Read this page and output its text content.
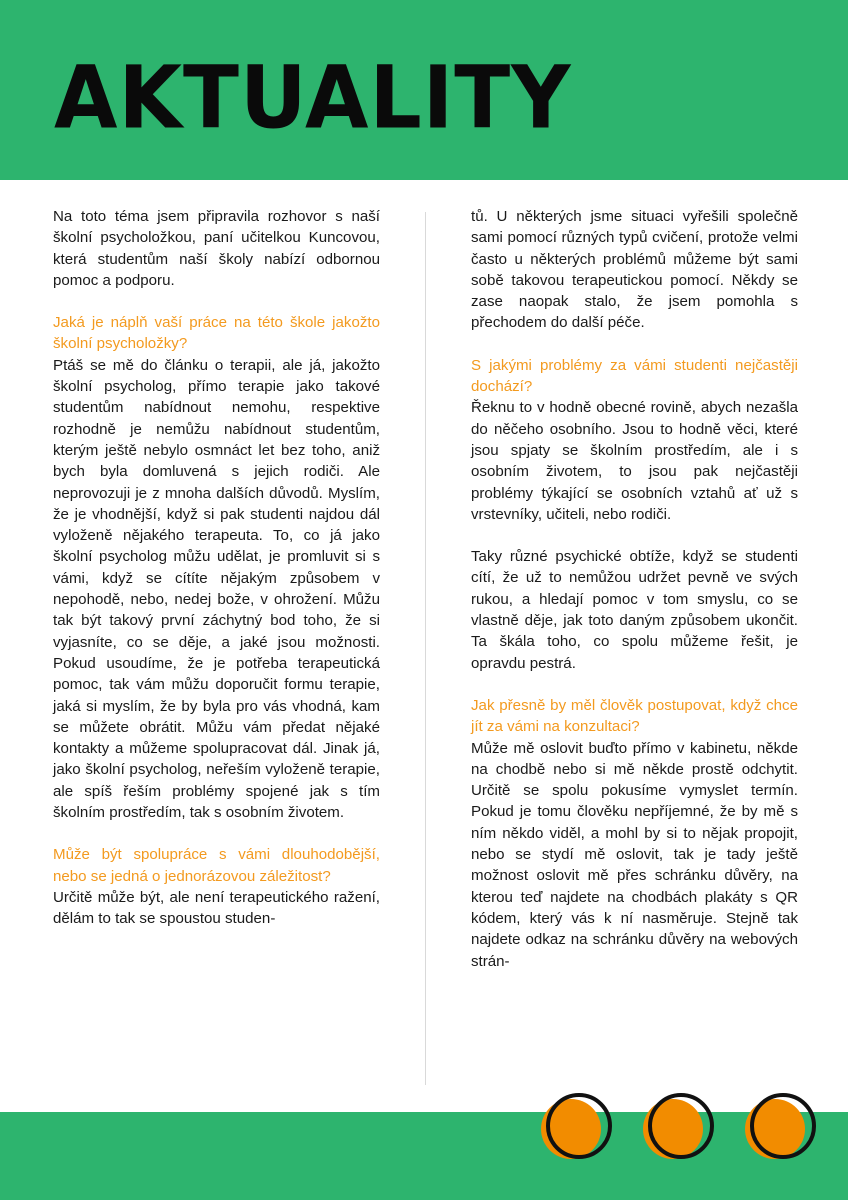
AKTUALITY

Na toto téma jsem připravila rozhovor s naší školní psycholožkou, paní učitelkou Kuncovou, která studentům naší školy nabízí odbornou pomoc a podporu.

Jaká je náplň vaší práce na této škole jakožto školní psycholožky?

Ptáš se mě do článku o terapii, ale já, jakožto školní psycholog, přímo terapie jako takové studentům nabídnout nemohu, respektive rozhodně je nemůžu nabídnout studentům, kterým ještě nebylo osmnáct let bez toho, aniž bych byla domluvená s jejich rodiči. Ale neprovozuji je z mnoha dalších důvodů. Myslím, že je vhodnější, když si pak studenti najdou dál vyloženě nějakého terapeuta. To, co já jako školní psycholog můžu udělat, je promluvit si s vámi, když se cítíte nějakým způsobem v nepohodě, nebo, nedej bože, v ohrožení. Můžu tak být takový první záchytný bod toho, že si vyjasníte, co se děje, a jaké jsou možnosti. Pokud usoudíme, že je potřeba terapeutická pomoc, tak vám můžu doporučit formu terapie, jaká si myslím, že by byla pro vás vhodná, kam se můžete obrátit. Můžu vám předat nějaké kontakty a můžeme spolupracovat dál. Jinak já, jako školní psycholog, neřeším vyloženě terapie, ale spíš řeším problémy spojené jak s tím školním prostředím, tak s osobním životem.

Může být spolupráce s vámi dlouhodobější, nebo se jedná o jednorázovou záležitost?

Určitě může být, ale není terapeutického ražení, dělám to tak se spoustou studen-

tů. U některých jsme situaci vyřešili společně sami pomocí různých typů cvičení, protože velmi často u některých problémů můžeme být sami sobě takovou terapeutickou pomocí. Někdy se zase naopak stalo, že jsem pomohla s přechodem do další péče.

S jakými problémy za vámi studenti nejčastěji dochází?

Řeknu to v hodně obecné rovině, abych nezašla do něčeho osobního. Jsou to hodně věci, které jsou spjaty se školním prostředím, ale i s osobním životem, to jsou pak nejčastěji problémy týkající se osobních vztahů ať už s vrstevníky, učiteli, nebo rodiči.

Taky různé psychické obtíže, když se studenti cítí, že už to nemůžou udržet pevně ve svých rukou, a hledají pomoc v tom smyslu, co se vlastně děje, jak toto daným způsobem ukončit. Ta škála toho, co spolu můžeme řešit, je opravdu pestrá.

Jak přesně by měl člověk postupovat, když chce jít za vámi na konzultaci?

Může mě oslovit buďto přímo v kabinetu, někde na chodbě nebo si mě někde prostě odchytit. Určitě se spolu pokusíme vymyslet termín. Pokud je tomu člověku nepříjemné, že by mě s ním někdo viděl, a mohl by si to nějak propojit, nebo se stydí mě oslovit, tak je tady ještě možnost oslovit mě přes schránku důvěry, na kterou teď najdete na chodbách plakáty s QR kódem, který vás k ní nasměruje. Stejně tak najdete odkaz na schránku důvěry na webových strán-
